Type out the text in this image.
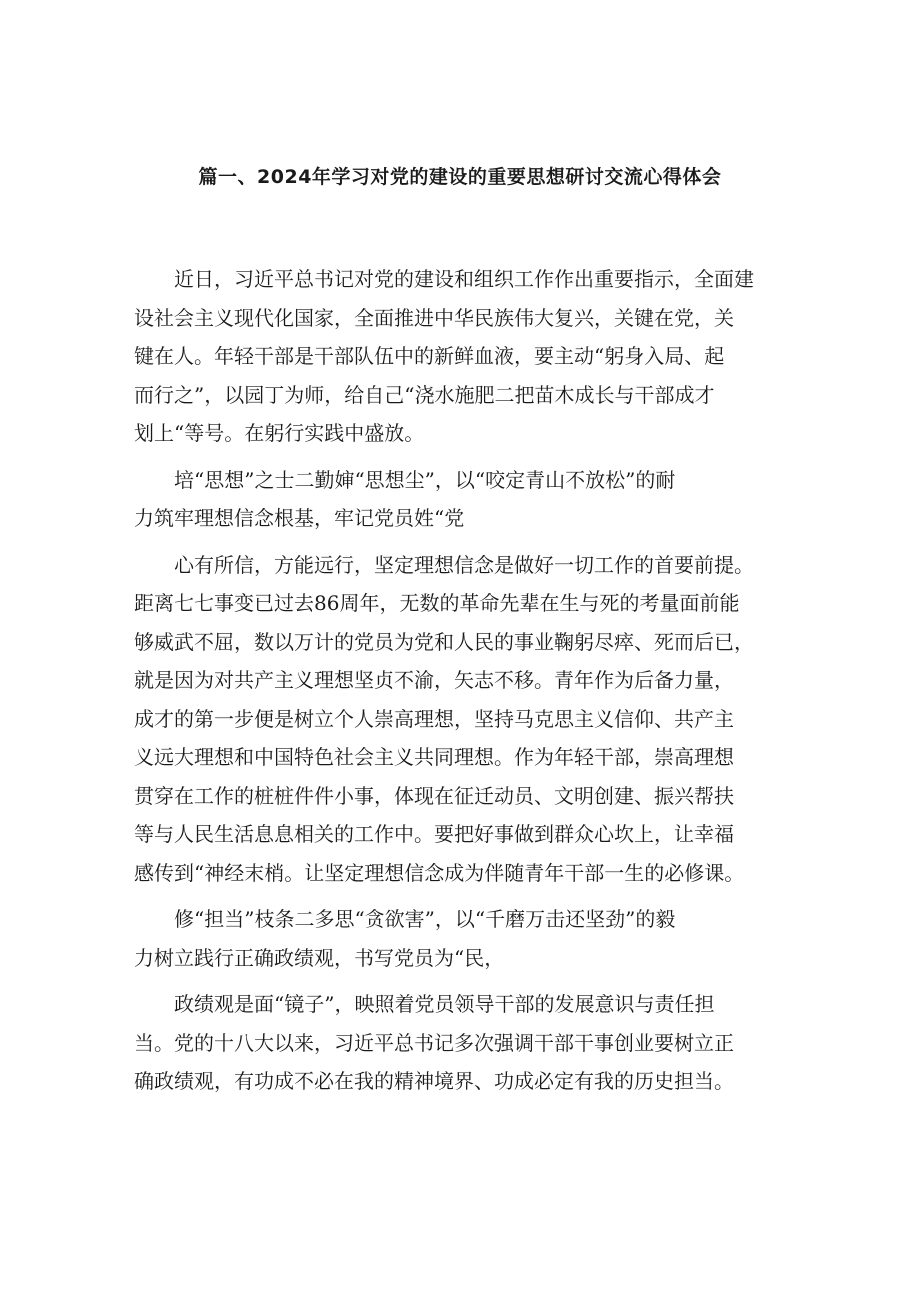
篇一、2024年学习对党的建设的重要思想研讨交流心得体会
近日，习近平总书记对党的建设和组织工作作出重要指示，全面建
设社会主义现代化国家，全面推进中华民族伟大复兴，关键在党，关
键在人。年轻干部是干部队伍中的新鲜血液，要主动“躬身入局、起
而行之”，以园丁为师，给自己“浇水施肥二把苗木成长与干部成才
划上“等号。在躬行实践中盛放。
培“思想”之士二勤婶“思想尘”，以“咬定青山不放松”的耐
力筑牢理想信念根基，牢记党员姓“党
心有所信，方能远行，坚定理想信念是做好一切工作的首要前提。
距离七七事变已过去86周年，无数的革命先辈在生与死的考量面前能
够威武不屈，数以万计的党员为党和人民的事业鞠躬尽瘁、死而后已，
就是因为对共产主义理想坚贞不渝，矢志不移。青年作为后备力量，
成才的第一步便是树立个人崇高理想，坚持马克思主义信仰、共产主
义远大理想和中国特色社会主义共同理想。作为年轻干部，崇高理想
贯穿在工作的桩桩件件小事，体现在征迁动员、文明创建、振兴帮扶
等与人民生活息息相关的工作中。要把好事做到群众心坎上，让幸福
感传到“神经末梢。让坚定理想信念成为伴随青年干部一生的必修课。
修“担当”枝条二多思“贪欲害”，以“千磨万击还坚劲”的毅
力树立践行正确政绩观，书写党员为“民，
政绩观是面“镜子”，映照着党员领导干部的发展意识与责任担
当。党的十八大以来，习近平总书记多次强调干部干事创业要树立正
确政绩观，有功成不必在我的精神境界、功成必定有我的历史担当。
